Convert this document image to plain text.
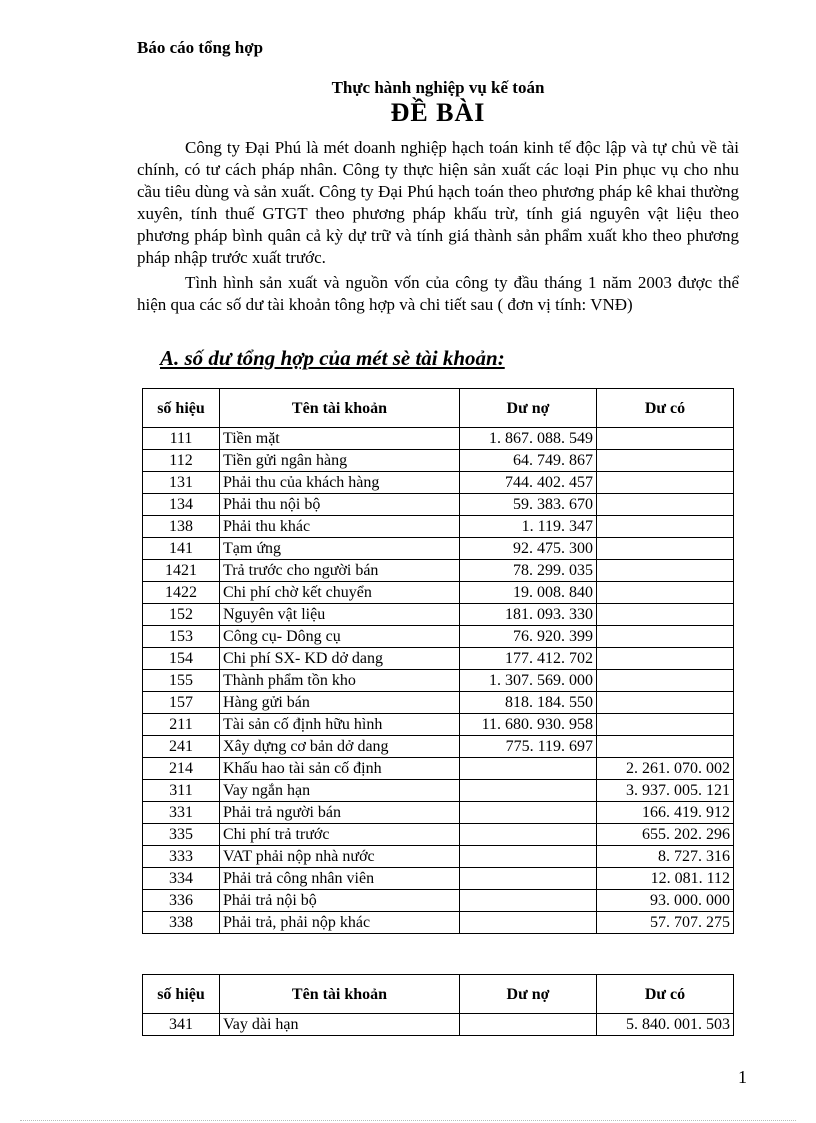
Báo cáo tổng hợp
Thực hành nghiệp vụ kế toán
ĐỀ BÀI
Công ty Đại Phú là mét doanh nghiệp hạch toán kinh tế độc lập và tự chủ về tài chính, có tư cách pháp nhân. Công ty thực hiện sản xuất các loại Pin phục vụ cho nhu cầu tiêu dùng và sản xuất. Công ty Đại Phú hạch toán theo phương pháp kê khai thường xuyên, tính thuế GTGT theo phương pháp khấu trừ, tính giá nguyên vật liệu theo phương pháp bình quân cả kỳ dự trữ và tính giá thành sản phẩm xuất kho theo phương pháp nhập trước xuất trước.
Tình hình sản xuất và nguồn vốn của công ty đầu tháng 1 năm 2003 được thể hiện qua các số dư tài khoản tông hợp và chi tiết sau ( đơn vị tính: VNĐ)
A. số dư tổng hợp của mét sè tài khoản:
số hiệu	Tên tài khoản	Dư nợ	Dư có
111	Tiền mặt	1. 867. 088. 549	
112	Tiền gửi ngân hàng	64. 749. 867	
131	Phải thu của khách hàng	744. 402. 457	
134	Phải thu nội bộ	59. 383. 670	
138	Phải thu khác	1. 119. 347	
141	Tạm ứng	92. 475. 300	
1421	Trả trước cho người bán	78. 299. 035	
1422	Chi phí chờ kết chuyển	19. 008. 840	
152	Nguyên vật liệu	181. 093. 330	
153	Công cụ- Dông cụ	76. 920. 399	
154	Chi phí SX- KD dở dang	177. 412. 702	
155	Thành phẩm tồn kho	1. 307. 569. 000	
157	Hàng gửi bán	818. 184. 550	
211	Tài sản cố định hữu hình	11. 680. 930. 958	
241	Xây dựng cơ bản dở dang	775. 119. 697	
214	Khấu hao tài sản cố định		2. 261. 070. 002
311	Vay ngắn hạn		3. 937. 005. 121
331	Phải trả người bán		166. 419. 912
335	Chi phí trả trước		655. 202. 296
333	VAT phải nộp nhà nước		8. 727. 316
334	Phải trả công nhân viên		12. 081. 112
336	Phải trả nội bộ		93. 000. 000
338	Phải trả, phải nộp khác		57. 707. 275
số hiệu	Tên tài khoản	Dư nợ	Dư có
341	Vay dài hạn		5. 840. 001. 503
1
